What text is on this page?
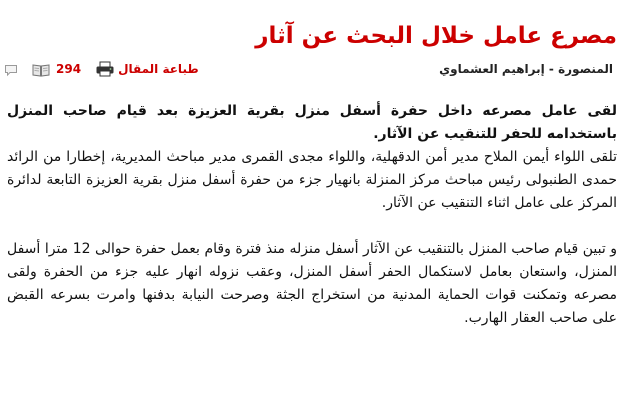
مصرع عامل خلال البحث عن آثار
294	طباعة المقال	المنصورة - إبراهيم العشماوي

لقى عامل مصرعه داخل حفرة أسفل منزل بقرية العزيزة بعد قيام صاحب المنزل باستخدامه للحفر للتنقيب عن الآثار.

تلقى اللواء أيمن الملاح مدير أمن الدقهلية، واللواء مجدى القمرى مدير مباحث المديرية، إخطارا من الرائد حمدى الطنبولى رئيس مباحث مركز المنزلة بانهيار جزء من حفرة أسفل منزل بقرية العزيزة التابعة لدائرة المركز على عامل اثناء التنقيب عن الآثار.

و تبين قيام صاحب المنزل بالتنقيب عن الآثار أسفل منزله منذ فترة وقام بعمل حفرة حوالى 12 مترا أسفل المنزل، واستعان بعامل لاستكمال الحفر أسفل المنزل، وعقب نزوله انهار عليه جزء من الحفرة ولقى مصرعه وتمكنت قوات الحماية المدنية من استخراج الجثة وصرحت النيابة بدفنها وامرت بسرعه القبض على صاحب العقار الهارب.
